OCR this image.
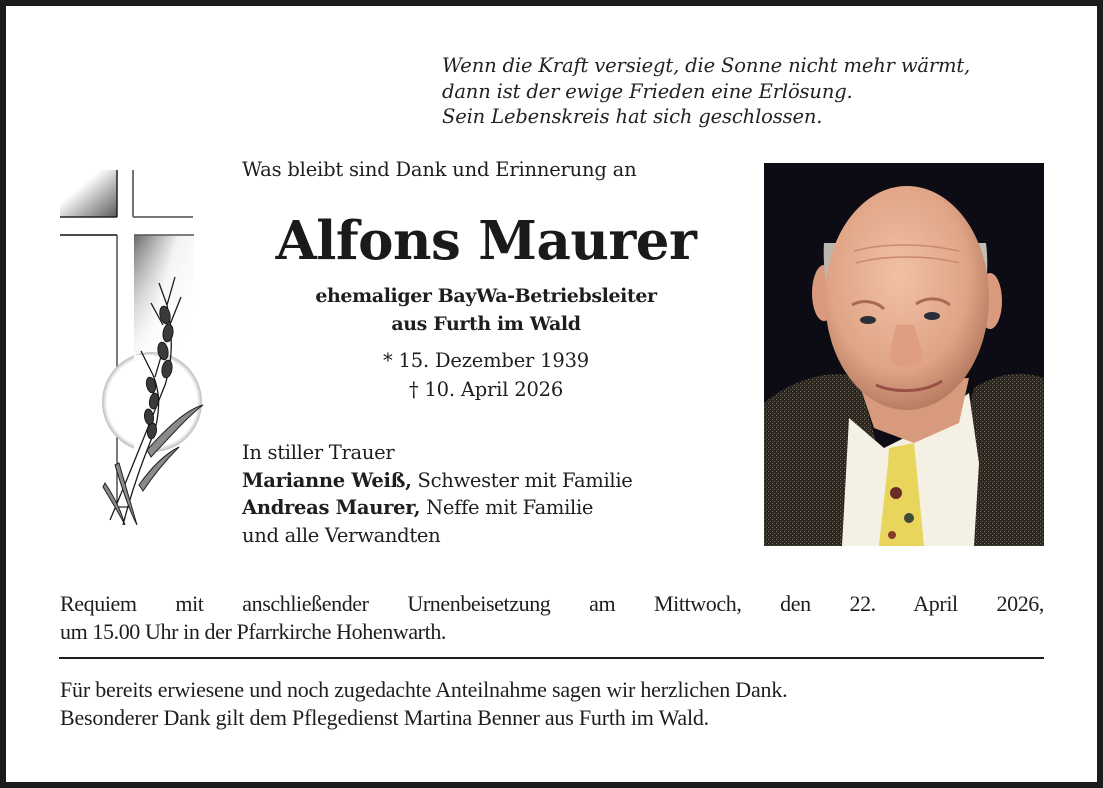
Wenn die Kraft versiegt, die Sonne nicht mehr wärmt,
dann ist der ewige Frieden eine Erlösung.
Sein Lebenskreis hat sich geschlossen.
Was bleibt sind Dank und Erinnerung an
Alfons Maurer
ehemaliger BayWa-Betriebsleiter
aus Furth im Wald
* 15. Dezember 1939
† 10. April 2026
In stiller Trauer
Marianne Weiß, Schwester mit Familie
Andreas Maurer, Neffe mit Familie
und alle Verwandten
Requiem mit anschließender Urnenbeisetzung am Mittwoch, den 22. April 2026,
um 15.00 Uhr in der Pfarrkirche Hohenwarth.
Für bereits erwiesene und noch zugedachte Anteilnahme sagen wir herzlichen Dank.
Besonderer Dank gilt dem Pflegedienst Martina Benner aus Furth im Wald.
